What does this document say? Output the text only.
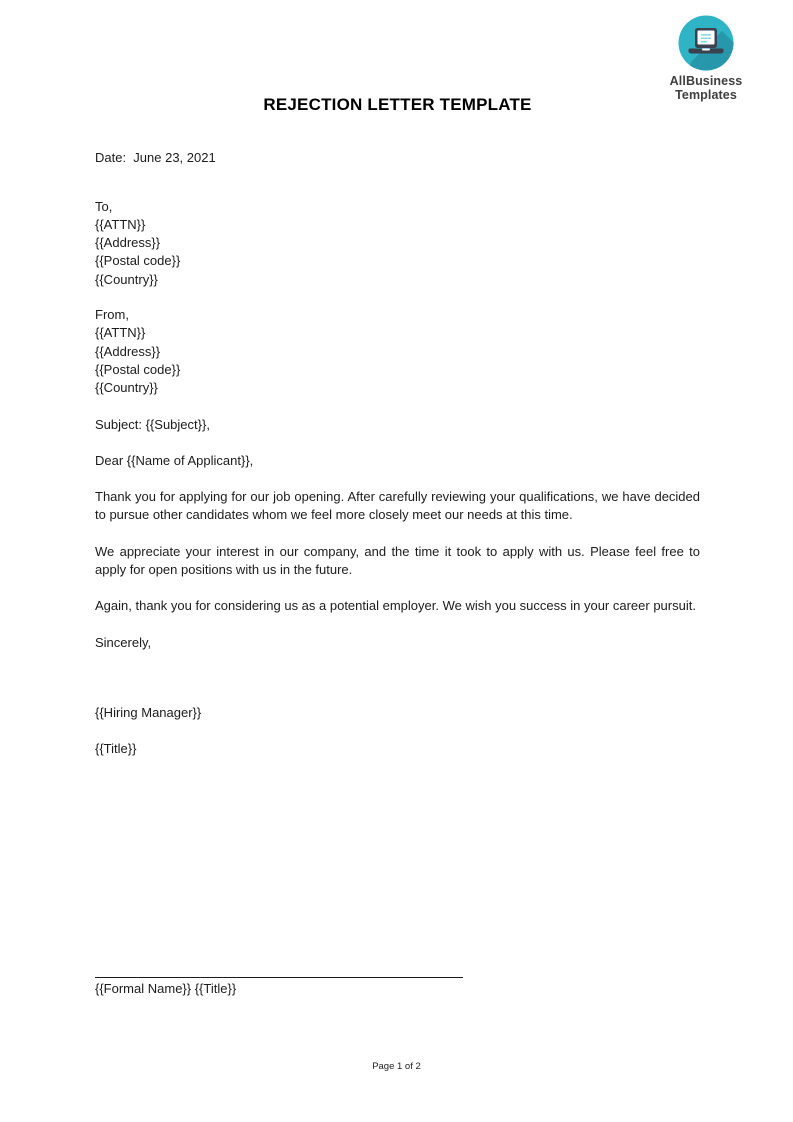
AllBusiness
Templates
REJECTION LETTER TEMPLATE
Date:  June 23, 2021
To,
{{ATTN}}
{{Address}}
{{Postal code}}
{{Country}}
From,
{{ATTN}}
{{Address}}
{{Postal code}}
{{Country}}
Subject: {{Subject}},
Dear {{Name of Applicant}},

Thank you for applying for our job opening. After carefully reviewing your qualifications, we have decided to pursue other candidates whom we feel more closely meet our needs at this time.

We appreciate your interest in our company, and the time it took to apply with us. Please feel free to apply for open positions with us in the future.

Again, thank you for considering us as a potential employer. We wish you success in your career pursuit.

Sincerely,
{{Hiring Manager}}
{{Title}}
{{Formal Name}} {{Title}}
Page 1 of 2
